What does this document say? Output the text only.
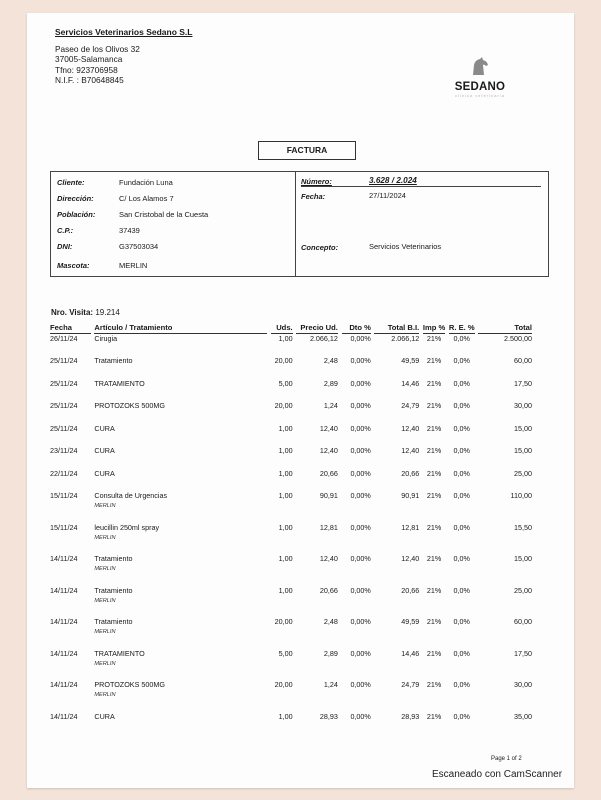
Servicios Veterinarios Sedano S.L
Paseo de los Olivos 32
37005-Salamanca
Tfno: 923706958
N.I.F. : B70648845
SEDANO
clinica veterinaria
FACTURA
Cliente:	Fundación Luna
Dirección:	C/ Los Alamos 7
Población:	San Cristobal de la Cuesta
C.P.:	37439
DNI:	G37503034
Mascota:	MERLIN
Número:	3.628 / 2.024
Fecha:	27/11/2024
Concepto:	Servicios Veterinarios
Nro. Visita: 19.214
Fecha		Artículo / Tratamiento		Uds.		Precio Ud.		Dto %		Total B.I.		Imp %		R. E. %		Total
26/11/24		Cirugia		1,00		2.066,12		0,00%		2.066,12		21%		0,0%		2.500,00
25/11/24		Tratamiento		20,00		2,48		0,00%		49,59		21%		0,0%		60,00
25/11/24		TRATAMIENTO		5,00		2,89		0,00%		14,46		21%		0,0%		17,50
25/11/24		PROTOZOKS 500MG		20,00		1,24		0,00%		24,79		21%		0,0%		30,00
25/11/24		CURA		1,00		12,40		0,00%		12,40		21%		0,0%		15,00
23/11/24		CURA		1,00		12,40		0,00%		12,40		21%		0,0%		15,00
22/11/24		CURA		1,00		20,66		0,00%		20,66		21%		0,0%		25,00
15/11/24		Consulta de Urgencias
MERLIN		1,00		90,91		0,00%		90,91		21%		0,0%		110,00
15/11/24		leucillin 250ml spray
MERLIN		1,00		12,81		0,00%		12,81		21%		0,0%		15,50
14/11/24		Tratamiento
MERLIN		1,00		12,40		0,00%		12,40		21%		0,0%		15,00
14/11/24		Tratamiento
MERLIN		1,00		20,66		0,00%		20,66		21%		0,0%		25,00
14/11/24		Tratamiento
MERLIN		20,00		2,48		0,00%		49,59		21%		0,0%		60,00
14/11/24		TRATAMIENTO
MERLIN		5,00		2,89		0,00%		14,46		21%		0,0%		17,50
14/11/24		PROTOZOKS 500MG
MERLIN		20,00		1,24		0,00%		24,79		21%		0,0%		30,00
14/11/24		CURA		1,00		28,93		0,00%		28,93		21%		0,0%		35,00
Page 1 of 2
Escaneado con CamScanner
